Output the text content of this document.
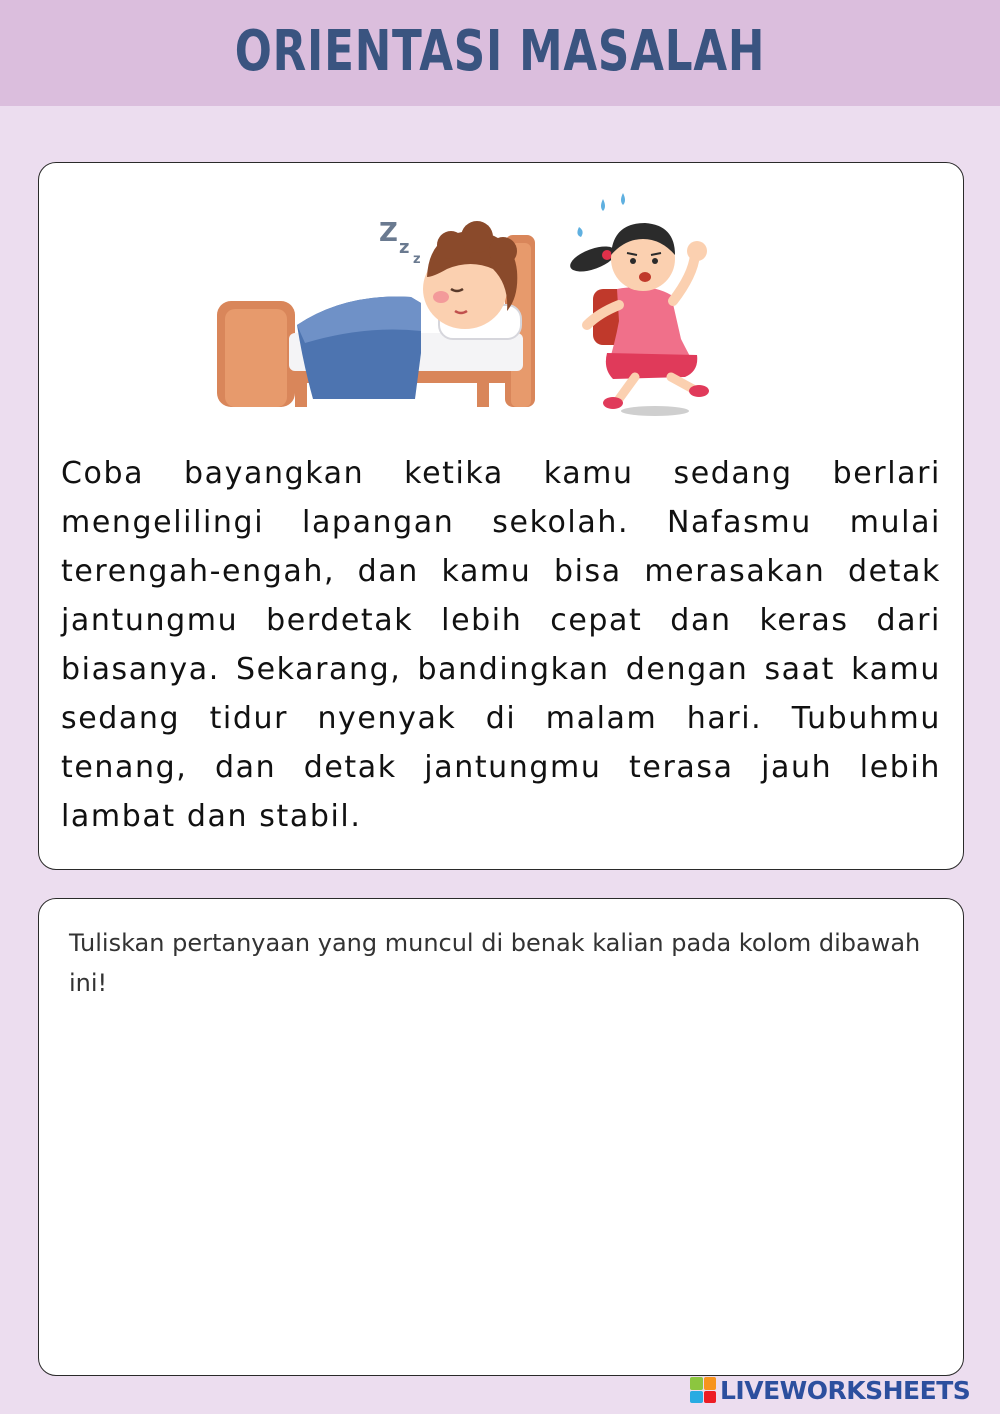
ORIENTASI MASALAH
Z z
z

Coba bayangkan ketika kamu sedang berlari mengelilingi lapangan sekolah. Nafasmu mulai terengah-engah, dan kamu bisa merasakan detak jantungmu berdetak lebih cepat dan keras dari biasanya. Sekarang, bandingkan dengan saat kamu sedang tidur nyenyak di malam hari. Tubuhmu tenang, dan detak jantungmu terasa jauh lebih lambat dan stabil.

Tuliskan pertanyaan yang muncul di benak kalian pada kolom dibawah ini!

LIVEWORKSHEETS
